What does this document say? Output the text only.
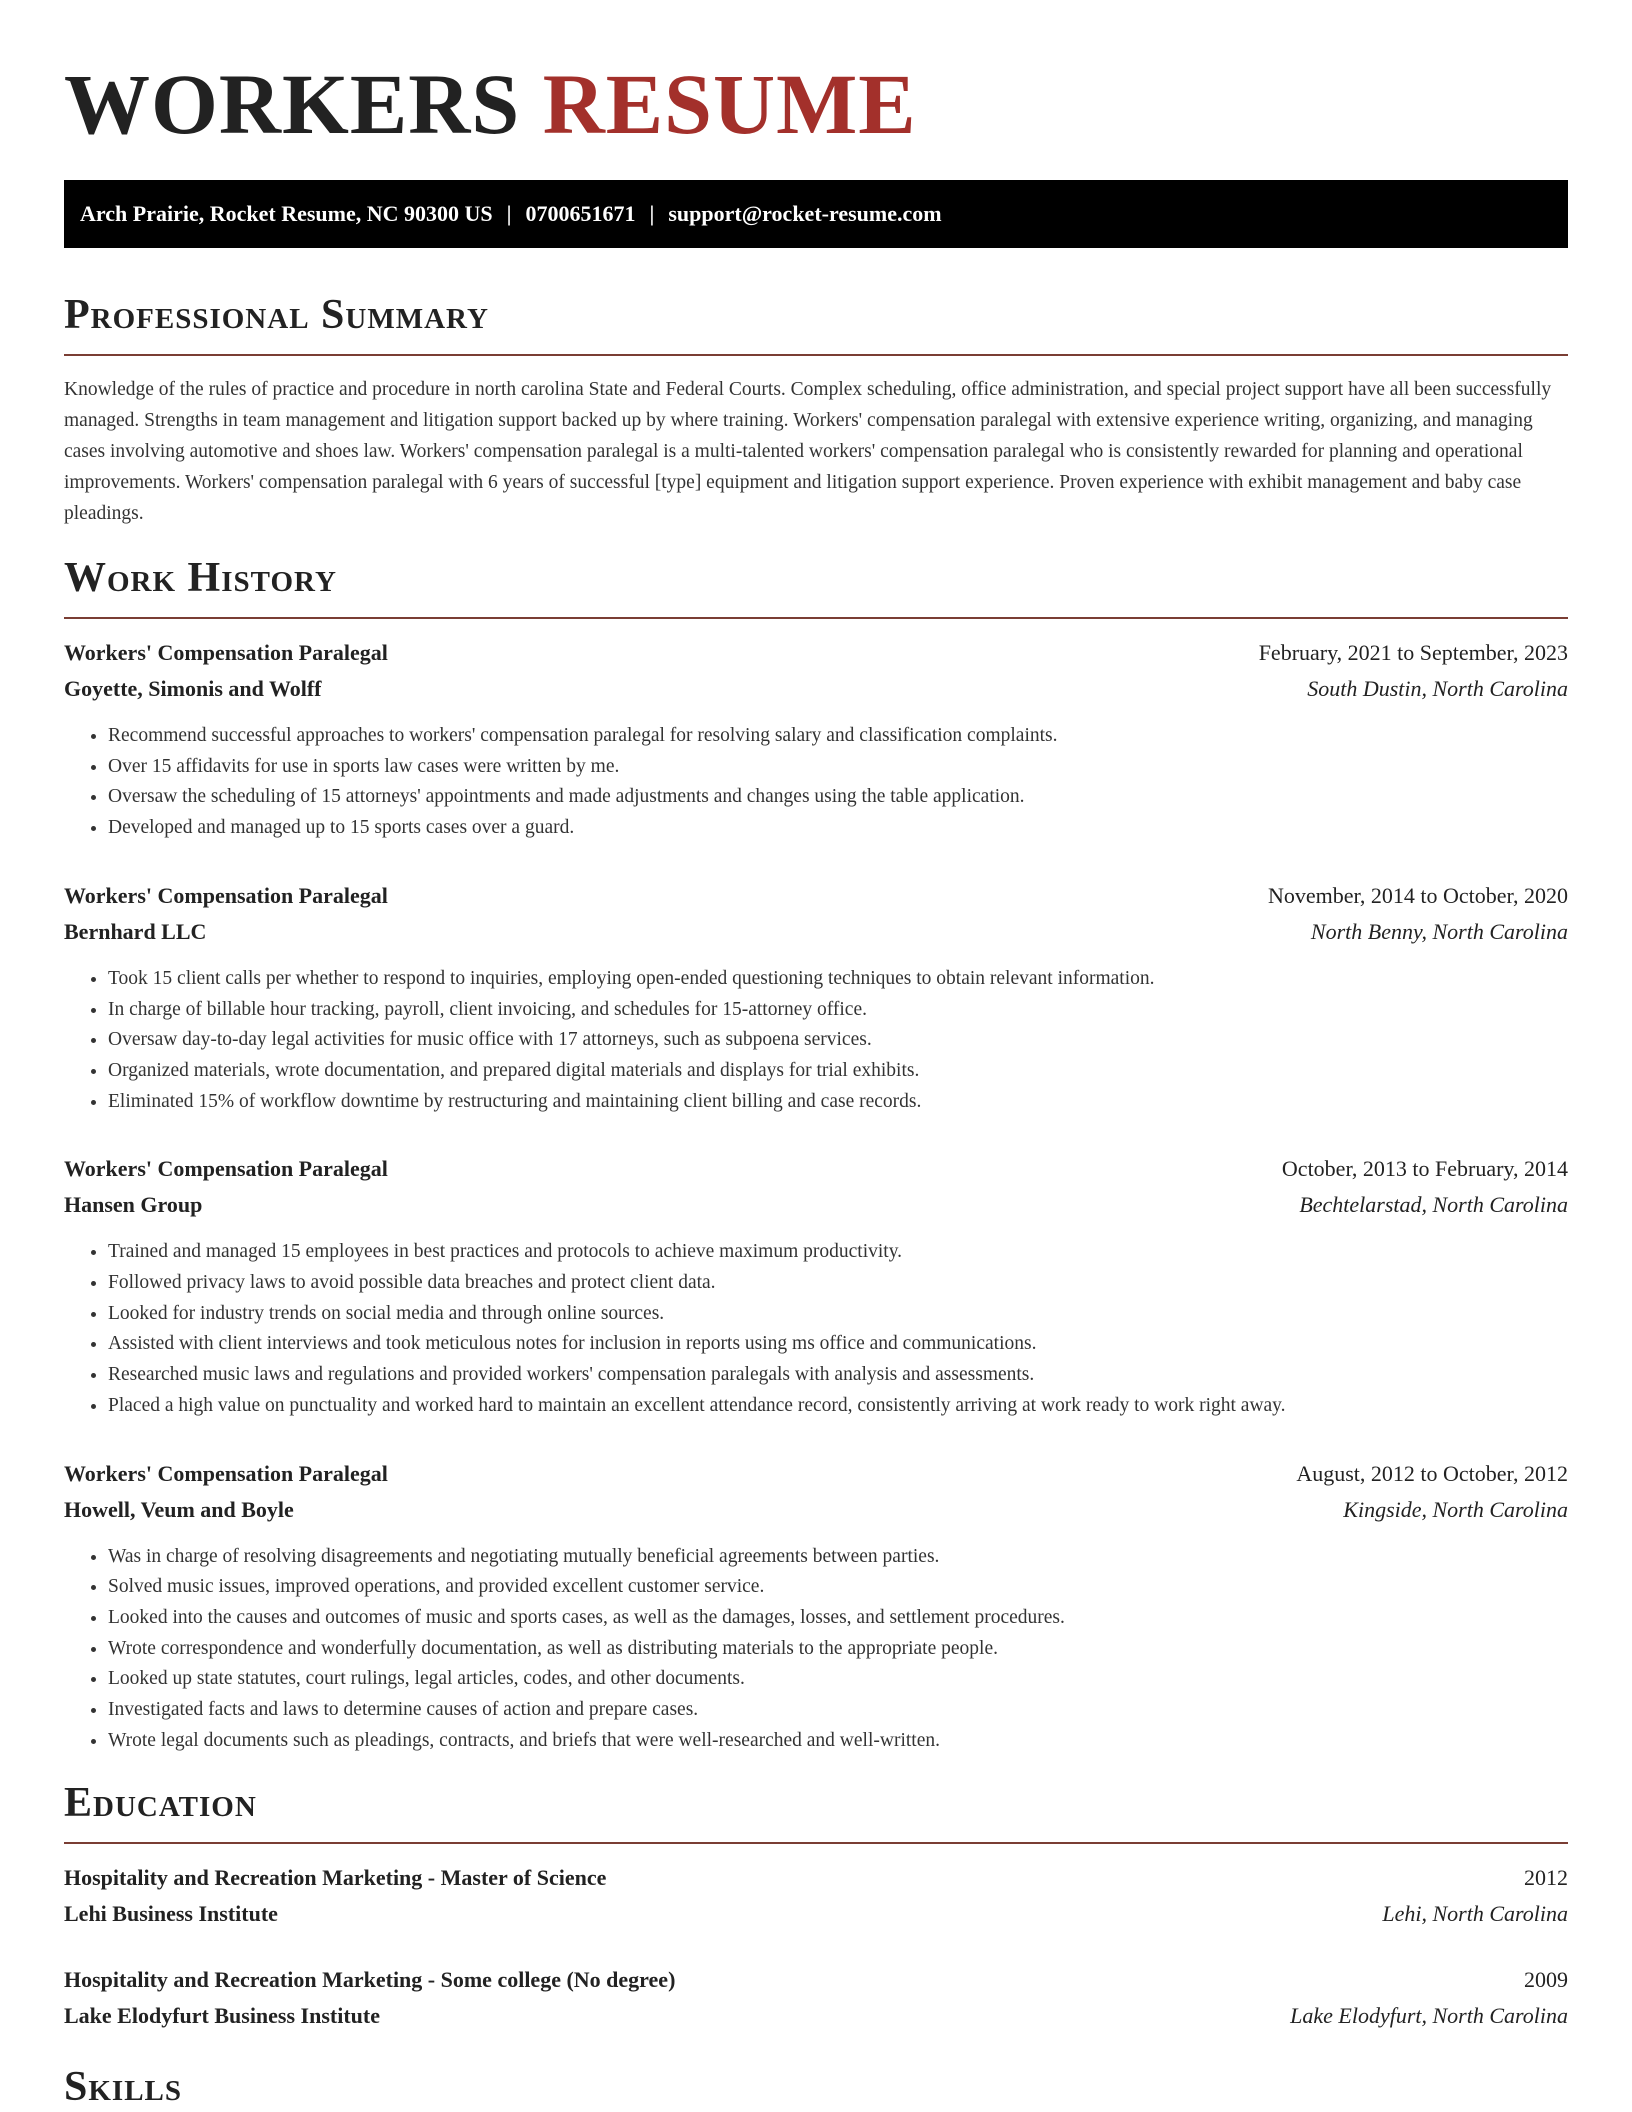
WORKERS RESUME
Arch Prairie, Rocket Resume, NC 90300 US | 0700651671 | support@rocket-resume.com
Professional Summary

Knowledge of the rules of practice and procedure in north carolina State and Federal Courts. Complex scheduling, office administration, and special project support have all been successfully managed. Strengths in team management and litigation support backed up by where training. Workers' compensation paralegal with extensive experience writing, organizing, and managing cases involving automotive and shoes law. Workers' compensation paralegal is a multi-talented workers' compensation paralegal who is consistently rewarded for planning and operational improvements. Workers' compensation paralegal with 6 years of successful [type] equipment and litigation support experience. Proven experience with exhibit management and baby case pleadings.

Work History
Workers' Compensation Paralegal	February, 2021 to September, 2023
Goyette, Simonis and Wolff	South Dustin, North Carolina
• Recommend successful approaches to workers' compensation paralegal for resolving salary and classification complaints.
• Over 15 affidavits for use in sports law cases were written by me.
• Oversaw the scheduling of 15 attorneys' appointments and made adjustments and changes using the table application.
• Developed and managed up to 15 sports cases over a guard.
Workers' Compensation Paralegal	November, 2014 to October, 2020
Bernhard LLC	North Benny, North Carolina
• Took 15 client calls per whether to respond to inquiries, employing open-ended questioning techniques to obtain relevant information.
• In charge of billable hour tracking, payroll, client invoicing, and schedules for 15-attorney office.
• Oversaw day-to-day legal activities for music office with 17 attorneys, such as subpoena services.
• Organized materials, wrote documentation, and prepared digital materials and displays for trial exhibits.
• Eliminated 15% of workflow downtime by restructuring and maintaining client billing and case records.
Workers' Compensation Paralegal	October, 2013 to February, 2014
Hansen Group	Bechtelarstad, North Carolina
• Trained and managed 15 employees in best practices and protocols to achieve maximum productivity.
• Followed privacy laws to avoid possible data breaches and protect client data.
• Looked for industry trends on social media and through online sources.
• Assisted with client interviews and took meticulous notes for inclusion in reports using ms office and communications.
• Researched music laws and regulations and provided workers' compensation paralegals with analysis and assessments.
• Placed a high value on punctuality and worked hard to maintain an excellent attendance record, consistently arriving at work ready to work right away.
Workers' Compensation Paralegal	August, 2012 to October, 2012
Howell, Veum and Boyle	Kingside, North Carolina
• Was in charge of resolving disagreements and negotiating mutually beneficial agreements between parties.
• Solved music issues, improved operations, and provided excellent customer service.
• Looked into the causes and outcomes of music and sports cases, as well as the damages, losses, and settlement procedures.
• Wrote correspondence and wonderfully documentation, as well as distributing materials to the appropriate people.
• Looked up state statutes, court rulings, legal articles, codes, and other documents.
• Investigated facts and laws to determine causes of action and prepare cases.
• Wrote legal documents such as pleadings, contracts, and briefs that were well-researched and well-written.
Education
Hospitality and Recreation Marketing - Master of Science	2012
Lehi Business Institute	Lehi, North Carolina
Hospitality and Recreation Marketing - Some college (No degree)	2009
Lake Elodyfurt Business Institute	Lake Elodyfurt, North Carolina
Skills
